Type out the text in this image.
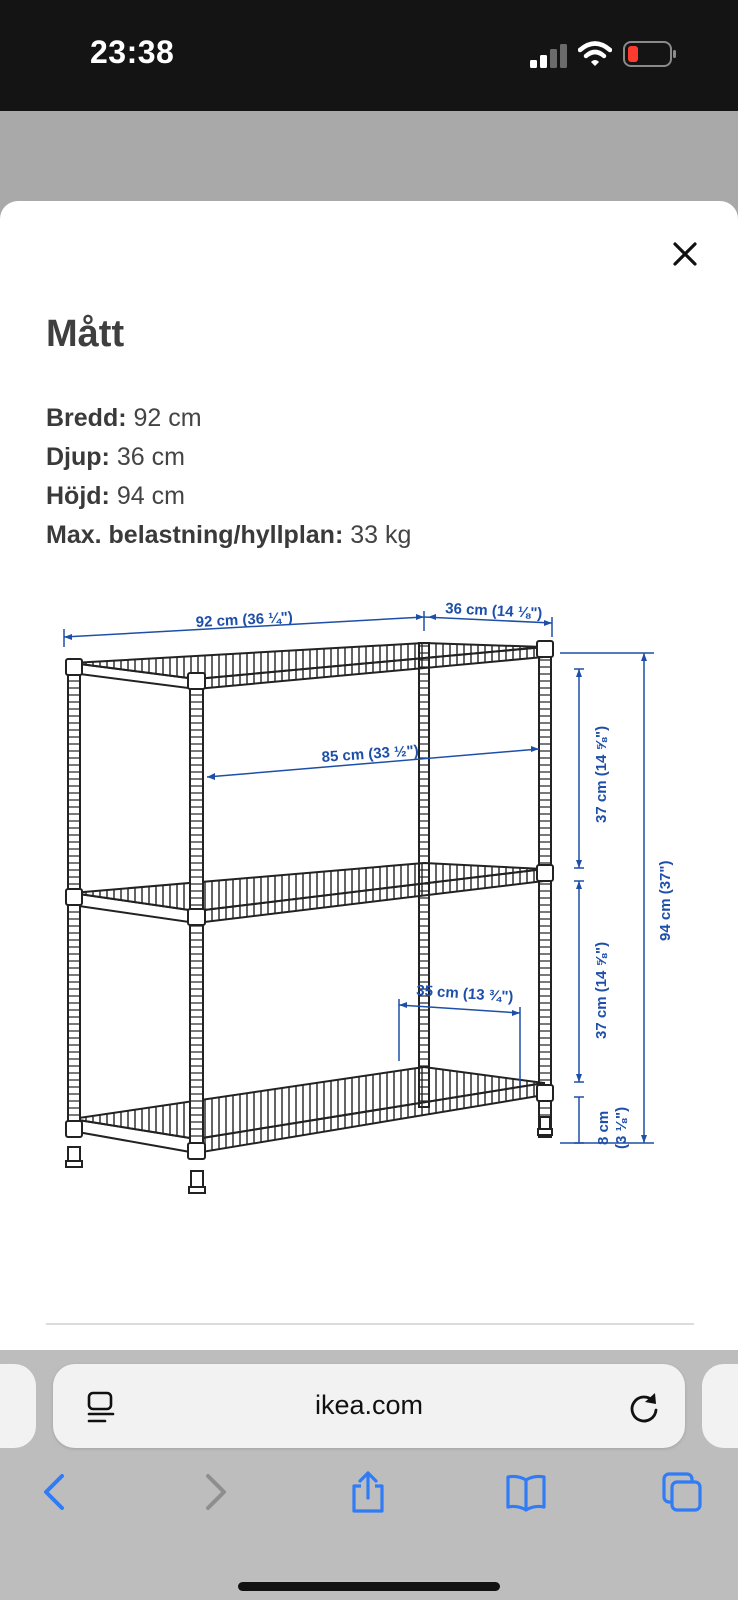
23:38
Mått
Bredd: 92 cm
Djup: 36 cm
Höjd: 94 cm
Max. belastning/hyllplan: 33 kg
92 cm (36 ¼")	36 cm (14 ⅛")
85 cm (33 ½")
35 cm (13 ¾")
37 cm (14 ⅝")
37 cm (14 ⅝")
94 cm (37")
8 cm (3 ⅛")
ikea.com
